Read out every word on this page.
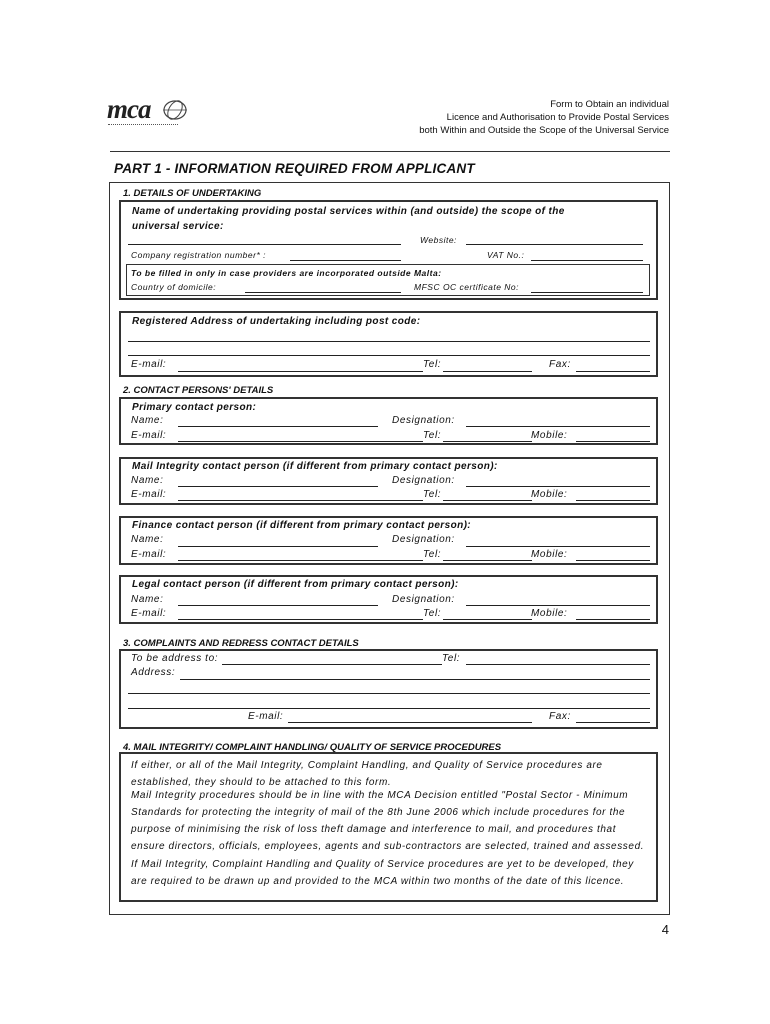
mca	Form to Obtain an individual
Licence and Authorisation to Provide Postal Services
both Within and Outside the Scope of the Universal Service
PART 1 - INFORMATION REQUIRED FROM APPLICANT
1. DETAILS OF UNDERTAKING
Name of undertaking providing postal services within (and outside) the scope of the
universal service:
Website:
Company registration number* :	VAT No.:
To be filled in only in case providers are incorporated outside Malta:
Country of domicile:	MFSC OC certificate No:
Registered Address of undertaking including post code:
E-mail:	Tel:	Fax:
2. CONTACT PERSONS' DETAILS
Primary contact person:
Name:	Designation:
E-mail:	Tel:	Mobile:
Mail Integrity contact person (if different from primary contact person):
Name:	Designation:
E-mail:	Tel:	Mobile:
Finance contact person (if different from primary contact person):
Name:	Designation:
E-mail:	Tel:	Mobile:
Legal contact person (if different from primary contact person):
Name:	Designation:
E-mail:	Tel:	Mobile:
3. COMPLAINTS AND REDRESS CONTACT DETAILS
To be address to:	Tel:
Address:
E-mail:	Fax:
4. MAIL INTEGRITY/ COMPLAINT HANDLING/ QUALITY OF SERVICE PROCEDURES
If either, or all of the Mail Integrity, Complaint Handling, and Quality of Service procedures are established, they should to be attached to this form.
Mail Integrity procedures should be in line with the MCA Decision entitled "Postal Sector - Minimum Standards for protecting the integrity of mail of the 8th June 2006 which include procedures for the purpose of minimising the risk of loss theft damage and interference to mail, and procedures that ensure directors, officials, employees, agents and sub-contractors are selected, trained and assessed.
If Mail Integrity, Complaint Handling and Quality of Service procedures are yet to be developed, they are required to be drawn up and provided to the MCA within two months of the date of this licence.
4
